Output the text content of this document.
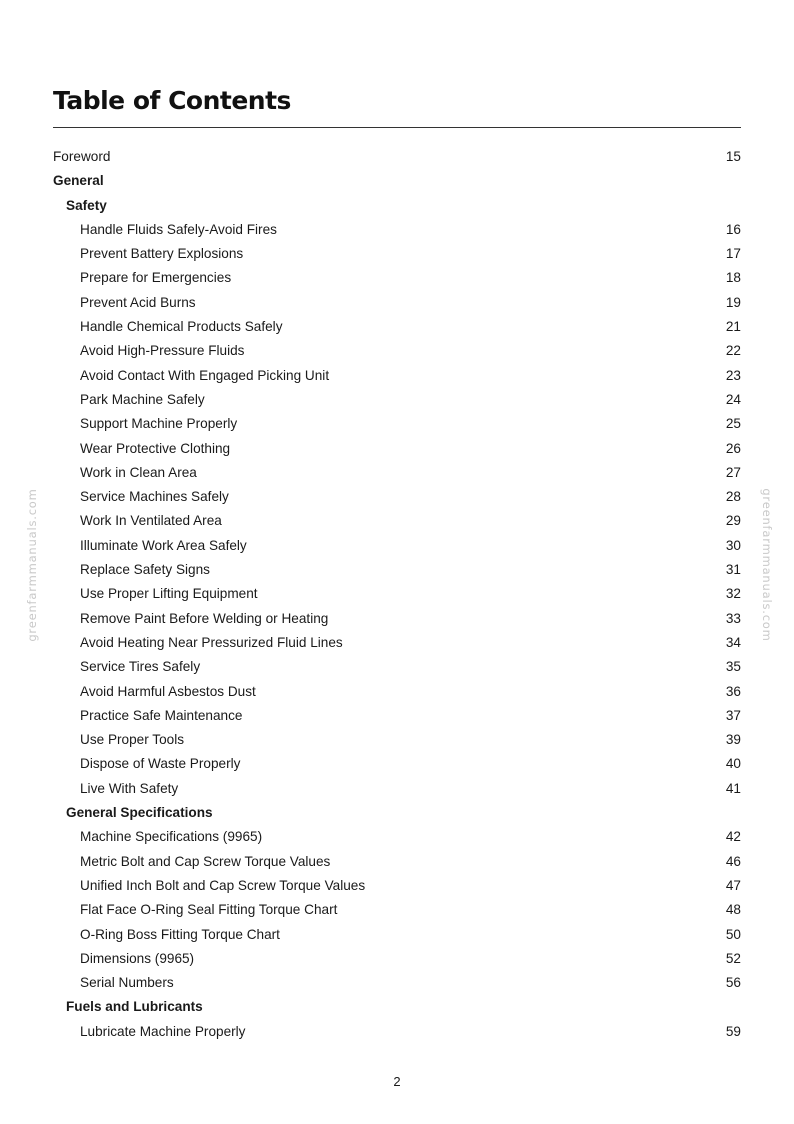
Table of Contents
Foreword	15
General
Safety
Handle Fluids Safely-Avoid Fires	16
Prevent Battery Explosions	17
Prepare for Emergencies	18
Prevent Acid Burns	19
Handle Chemical Products Safely	21
Avoid High-Pressure Fluids	22
Avoid Contact With Engaged Picking Unit	23
Park Machine Safely	24
Support Machine Properly	25
Wear Protective Clothing	26
Work in Clean Area	27
Service Machines Safely	28
Work In Ventilated Area	29
Illuminate Work Area Safely	30
Replace Safety Signs	31
Use Proper Lifting Equipment	32
Remove Paint Before Welding or Heating	33
Avoid Heating Near Pressurized Fluid Lines	34
Service Tires Safely	35
Avoid Harmful Asbestos Dust	36
Practice Safe Maintenance	37
Use Proper Tools	39
Dispose of Waste Properly	40
Live With Safety	41
General Specifications
Machine Specifications (9965)	42
Metric Bolt and Cap Screw Torque Values	46
Unified Inch Bolt and Cap Screw Torque Values	47
Flat Face O-Ring Seal Fitting Torque Chart	48
O-Ring Boss Fitting Torque Chart	50
Dimensions (9965)	52
Serial Numbers	56
Fuels and Lubricants
Lubricate Machine Properly	59
greenfarmmanuals.com	greenfarmmanuals.com
2
